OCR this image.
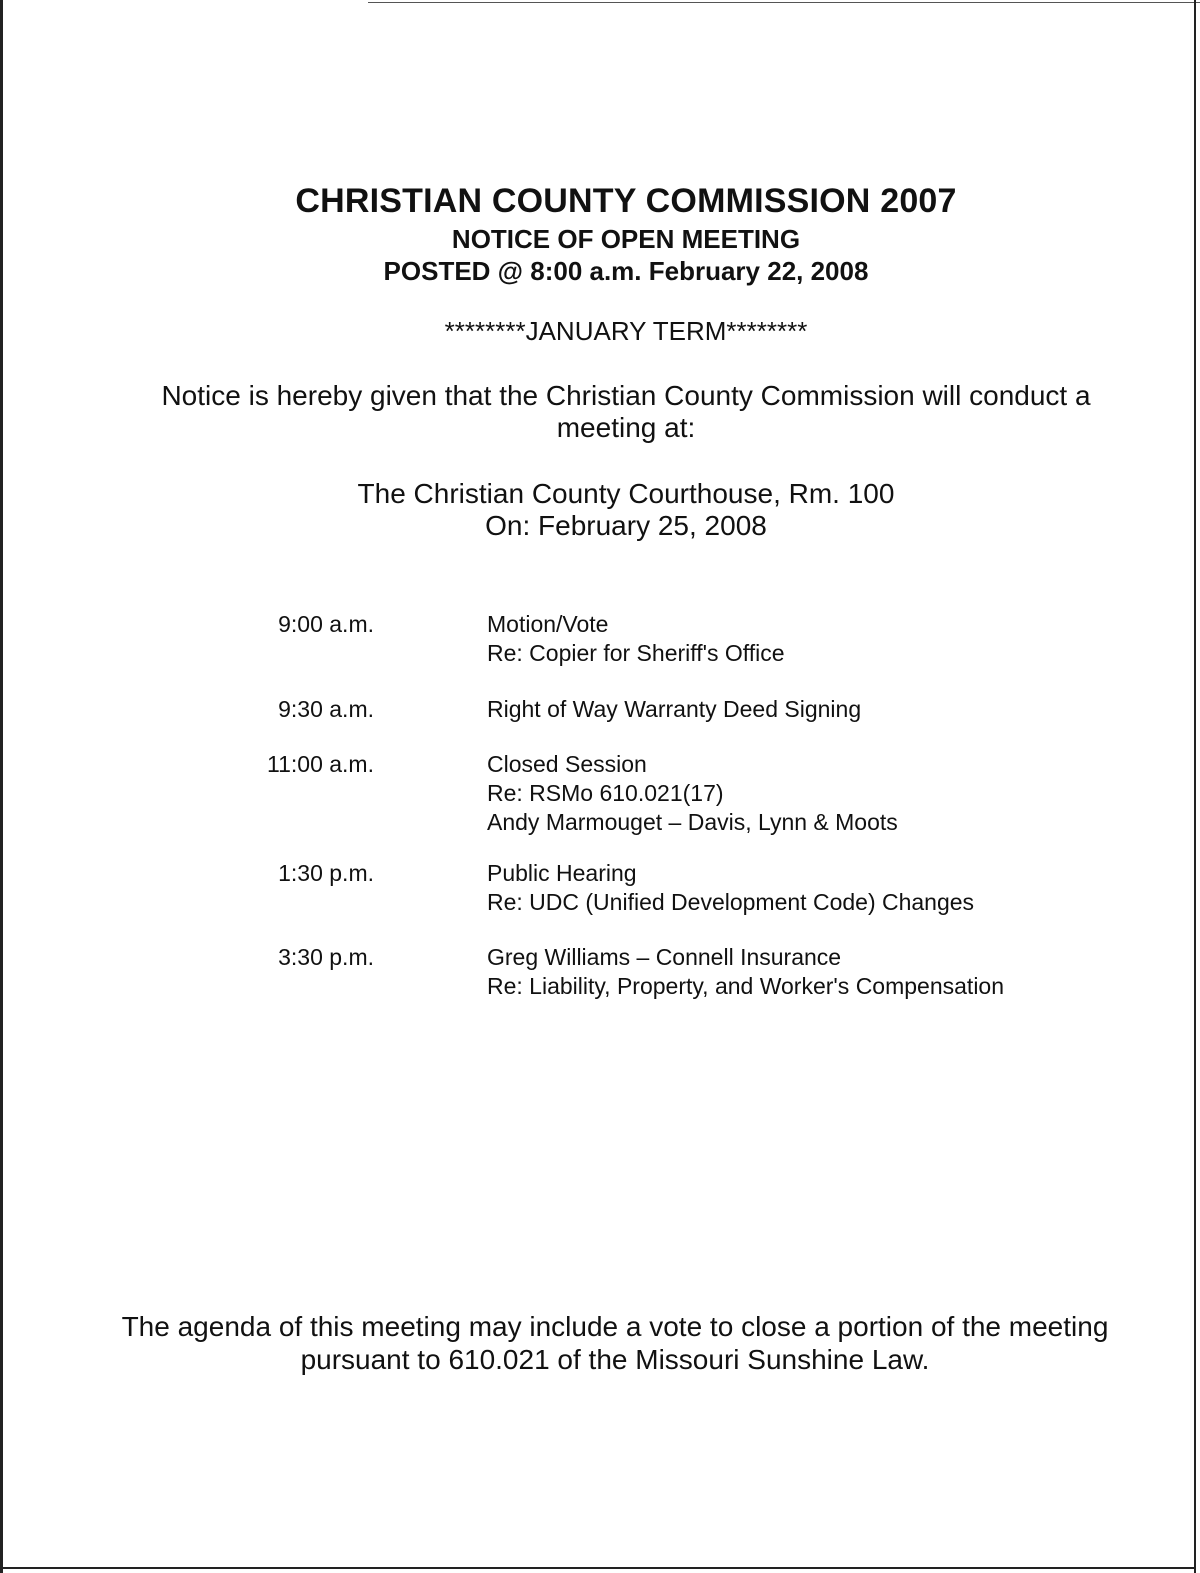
CHRISTIAN COUNTY COMMISSION 2007
NOTICE OF OPEN MEETING
POSTED @ 8:00 a.m. February 22, 2008
********JANUARY TERM********
Notice is hereby given that the Christian County Commission will conduct a meeting at:
The Christian County Courthouse, Rm. 100
On: February 25, 2008
9:00 a.m.	Motion/Vote
Re: Copier for Sheriff's Office
9:30 a.m.	Right of Way Warranty Deed Signing
11:00 a.m.	Closed Session
Re: RSMo 610.021(17)
Andy Marmouget – Davis, Lynn & Moots
1:30 p.m.	Public Hearing
Re: UDC (Unified Development Code) Changes
3:30 p.m.	Greg Williams – Connell Insurance
Re: Liability, Property, and Worker's Compensation
The agenda of this meeting may include a vote to close a portion of the meeting pursuant to 610.021 of the Missouri Sunshine Law.
